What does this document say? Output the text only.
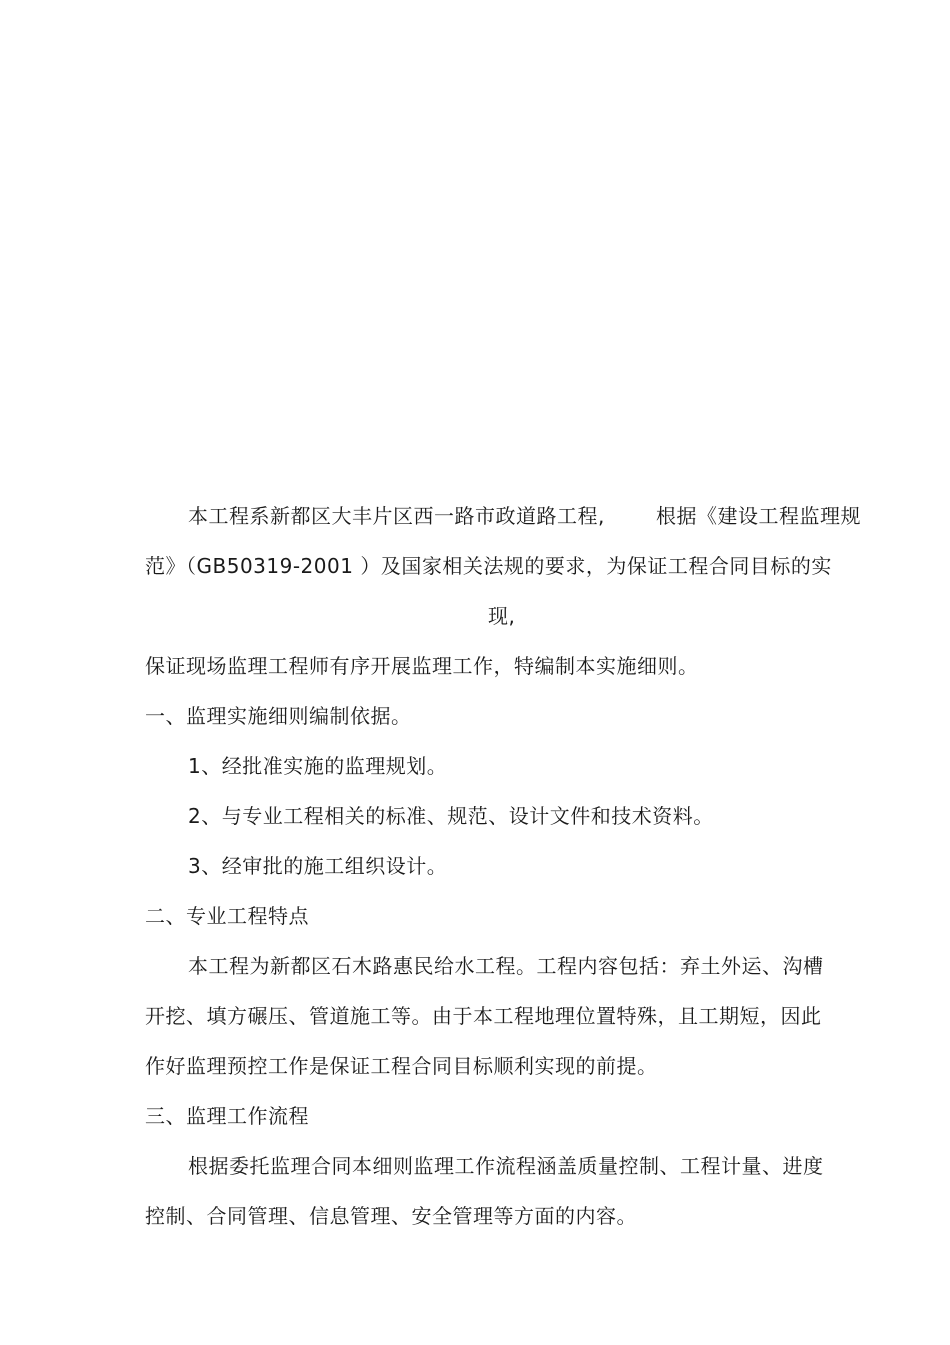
本工程系新都区大丰片区西一路市政道路工程,	根据《建设工程监理规
范》（GB50319-2001 ）及国家相关法规的要求，为保证工程合同目标的实
现,
保证现场监理工程师有序开展监理工作，特编制本实施细则。
一、监理实施细则编制依据。
1、经批准实施的监理规划。
2、与专业工程相关的标准、规范、设计文件和技术资料。
3、经审批的施工组织设计。
二、专业工程特点
本工程为新都区石木路惠民给水工程。工程内容包括：弃土外运、沟槽
开挖、填方碾压、管道施工等。由于本工程地理位置特殊，且工期短，因此
作好监理预控工作是保证工程合同目标顺利实现的前提。
三、监理工作流程
根据委托监理合同本细则监理工作流程涵盖质量控制、工程计量、进度
控制、合同管理、信息管理、安全管理等方面的内容。
